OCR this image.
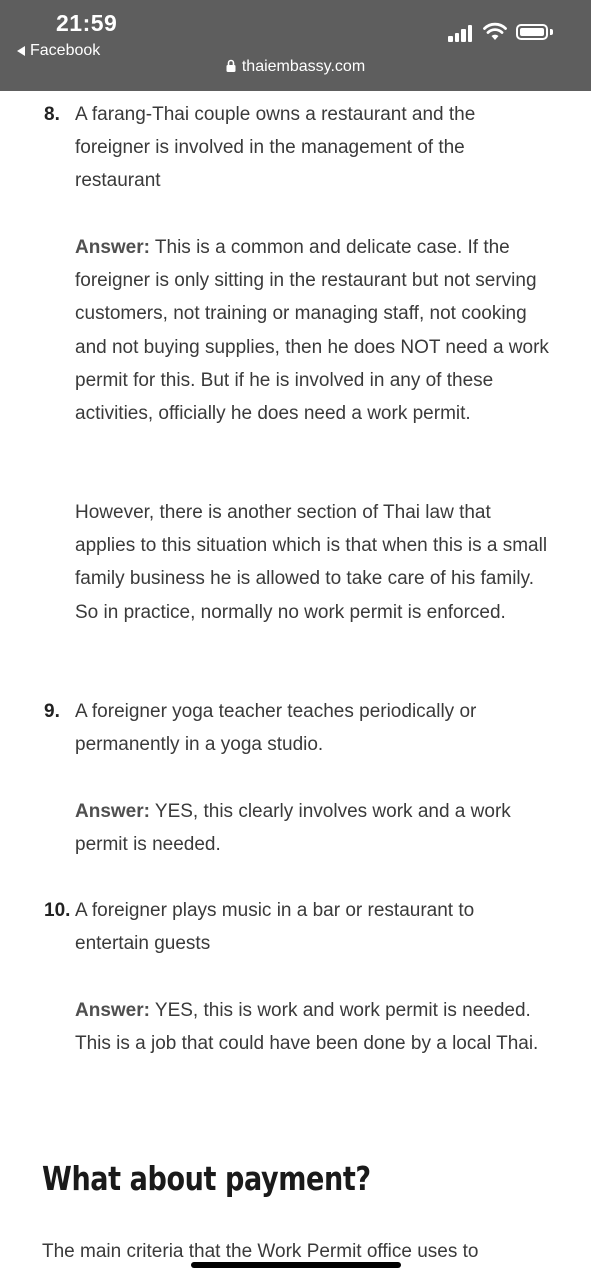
21:59
Facebook
thaiembassy.com
8. A farang-Thai couple owns a restaurant and the foreigner is involved in the management of the restaurant

Answer: This is a common and delicate case. If the foreigner is only sitting in the restaurant but not serving customers, not training or managing staff, not cooking and not buying supplies, then he does NOT need a work permit for this. But if he is involved in any of these activities, officially he does need a work permit.

However, there is another section of Thai law that applies to this situation which is that when this is a small family business he is allowed to take care of his family. So in practice, normally no work permit is enforced.

9. A foreigner yoga teacher teaches periodically or permanently in a yoga studio.

Answer: YES, this clearly involves work and a work permit is needed.

10. A foreigner plays music in a bar or restaurant to entertain guests

Answer: YES, this is work and work permit is needed. This is a job that could have been done by a local Thai.

What about payment?

The main criteria that the Work Permit office uses to
